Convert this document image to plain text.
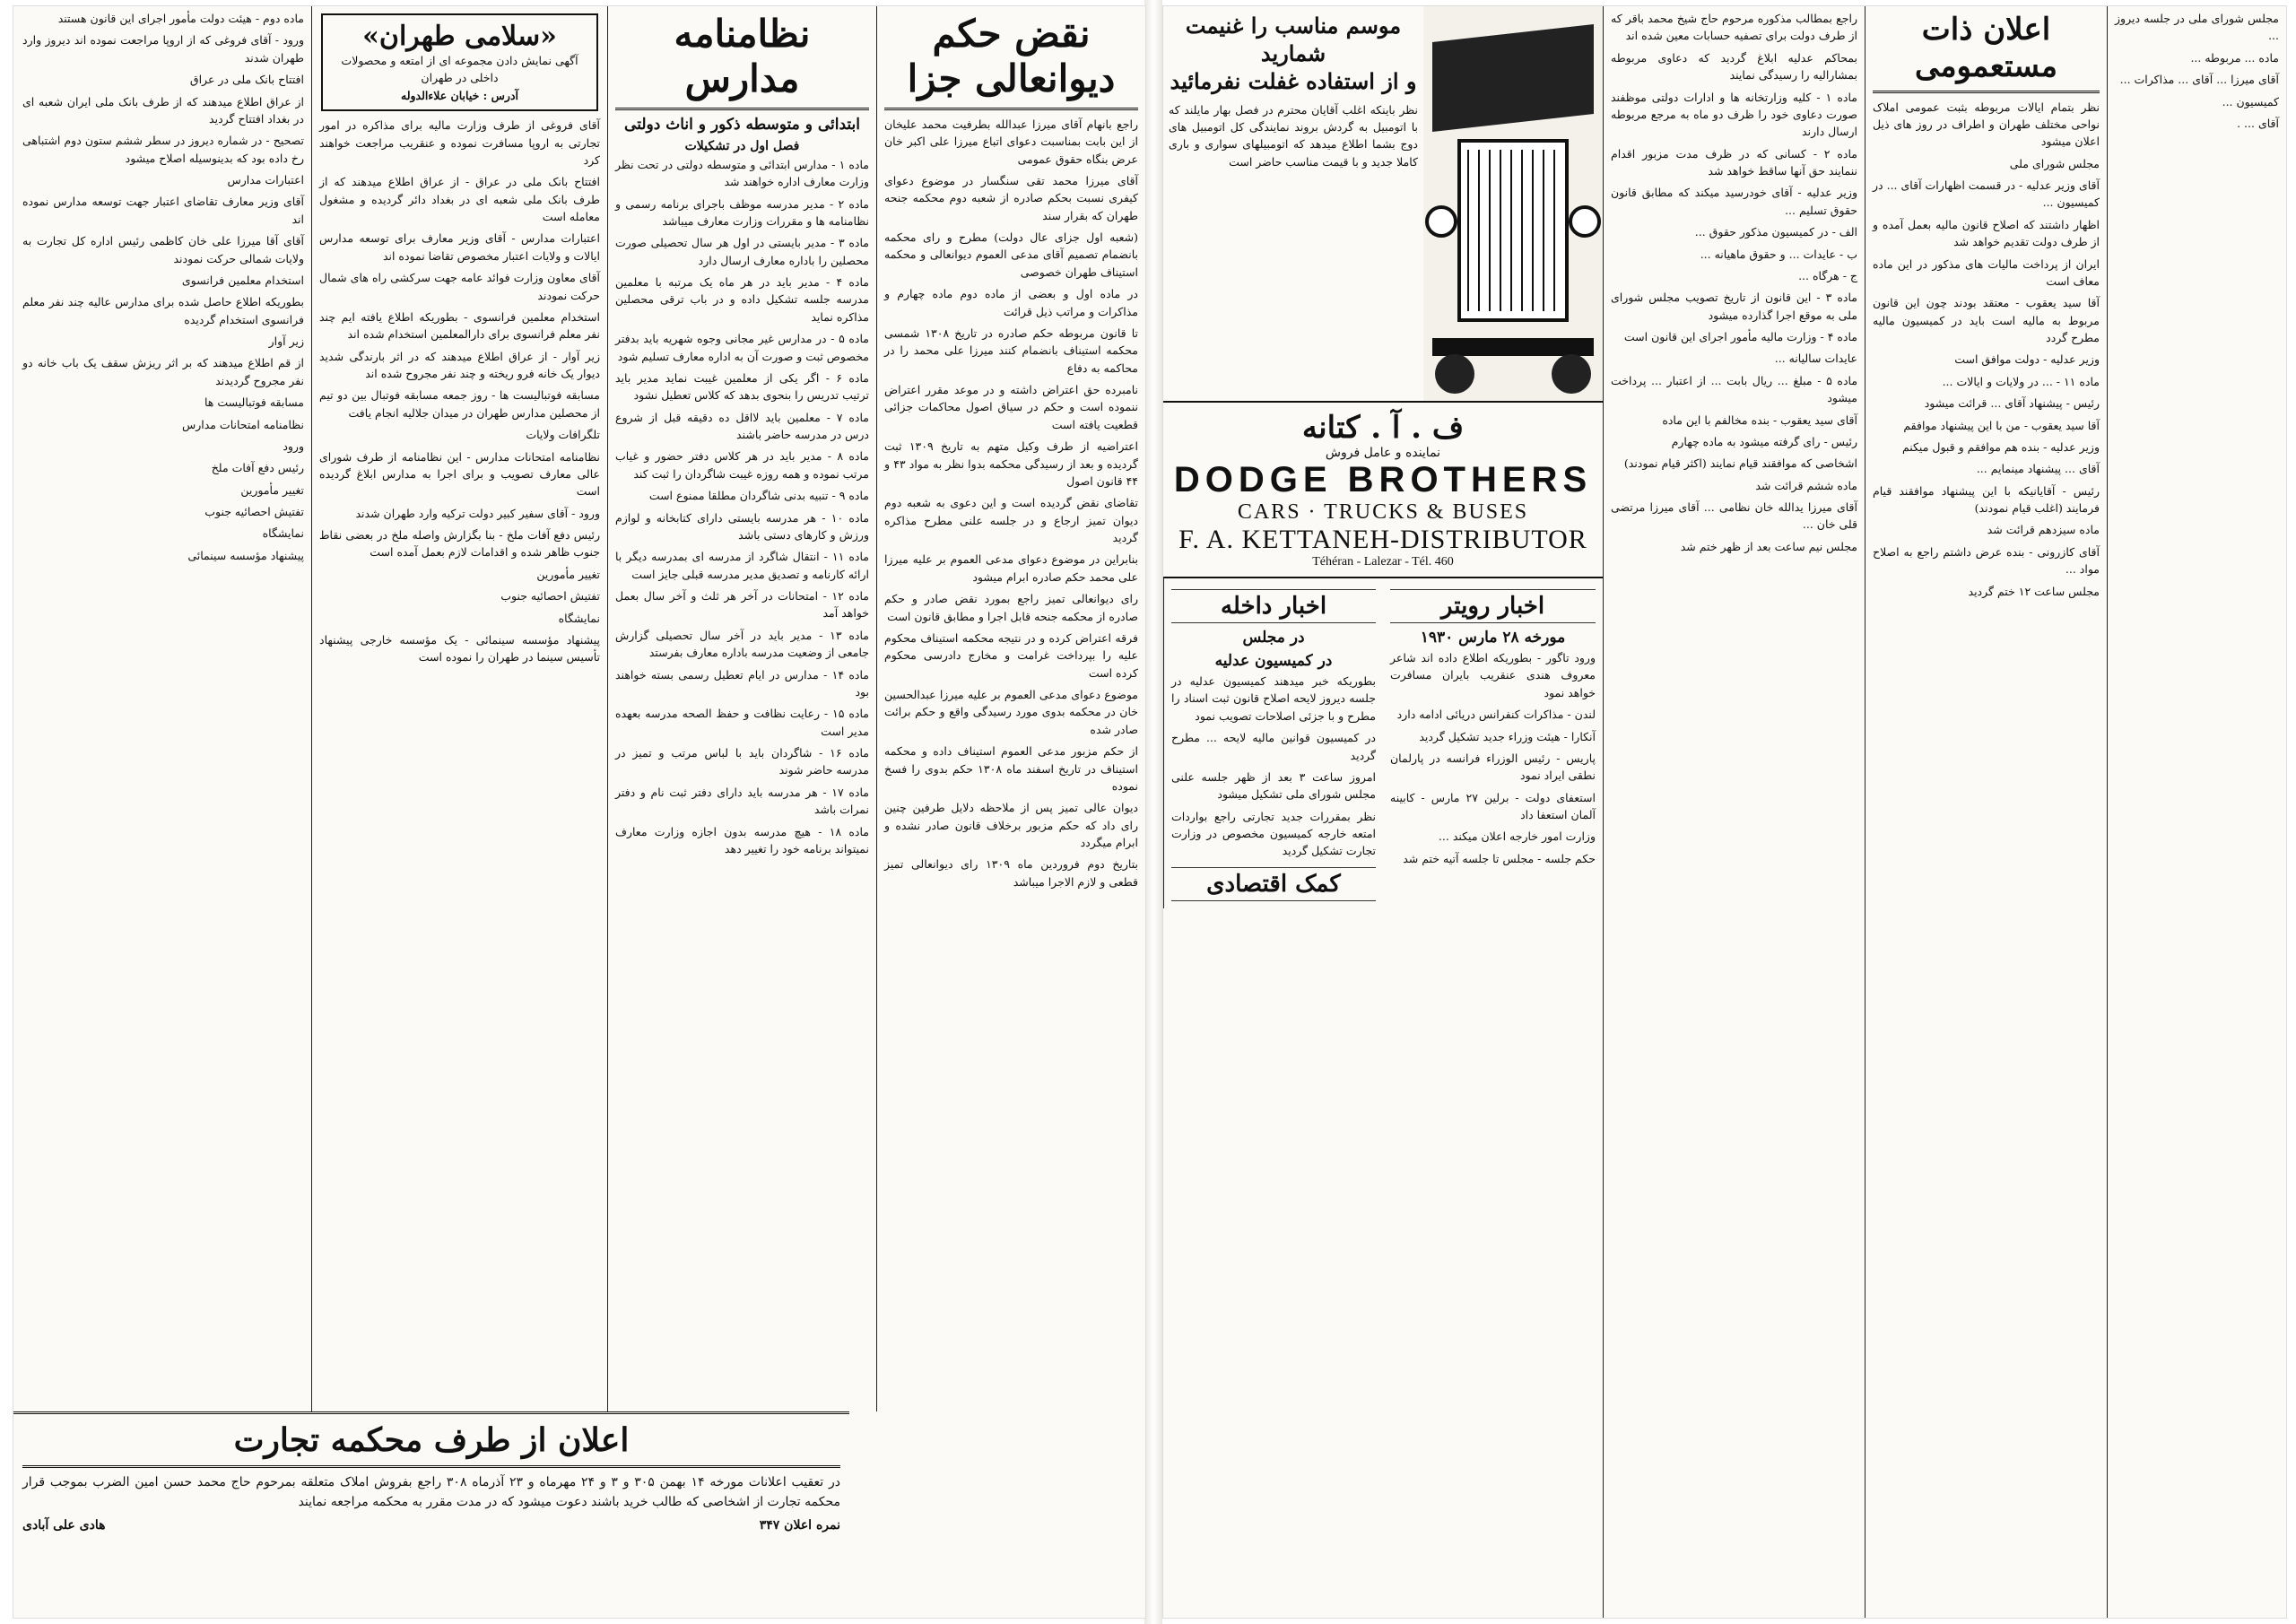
نقض حکم دیوانعالی جزا

راجع بانهام آقای میرزا عبدالله بطرفیت محمد علیخان از این بابت بمناسبت دعوای اتباع میرزا علی اکبر خان عرض بنگاه حقوق عمومی

آقای میرزا محمد تقی سنگسار در موضوع دعوای کیفری نسبت بحکم صادره از شعبه دوم محکمه جنحه طهران که بقرار سند

(شعبه اول جزای عال دولت) مطرح و رای محکمه بانضمام تصمیم آقای مدعی العموم دیوانعالی و محکمه استیناف طهران خصوصی

در ماده اول و بعضی از ماده دوم ماده چهارم و مذاکرات و مراتب ذیل قرائت

تا قانون مربوطه حکم صادره در تاریخ ۱۳۰۸ شمسی محکمه استیناف بانضمام کنند میرزا علی محمد را در محاکمه به دفاع

نامبرده حق اعتراض داشته و در موعد مقرر اعتراض ننموده است و حکم در سیاق اصول محاکمات جزائی قطعیت یافته است

اعتراضیه از طرف وکیل متهم به تاریخ ۱۳۰۹ ثبت گردیده و بعد از رسیدگی محکمه بدوا نظر به مواد ۴۳ و ۴۴ قانون اصول

تقاضای نقض گردیده است و این دعوی به شعبه دوم دیوان تمیز ارجاع و در جلسه علنی مطرح مذاکره گردید

بنابراین در موضوع دعوای مدعی العموم بر علیه میرزا علی محمد حکم صادره ابرام میشود

رای دیوانعالی تمیز راجع بمورد نقض صادر و حکم صادره از محکمه جنحه قابل اجرا و مطابق قانون است

فرقه اعتراض کرده و در نتیجه محکمه استیناف محکوم علیه را بپرداخت غرامت و مخارج دادرسی محکوم کرده است

موضوع دعوای مدعی العموم بر علیه میرزا عبدالحسین خان در محکمه بدوی مورد رسیدگی واقع و حکم برائت صادر شده

از حکم مزبور مدعی العموم استیناف داده و محکمه استیناف در تاریخ اسفند ماه ۱۳۰۸ حکم بدوی را فسخ نموده

دیوان عالی تمیز پس از ملاحظه دلایل طرفین چنین رای داد که حکم مزبور برخلاف قانون صادر نشده و ابرام میگردد

بتاریخ دوم فروردین ماه ۱۳۰۹ رای دیوانعالی تمیز قطعی و لازم الاجرا میباشد

نظامنامه مدارس
ابتدائی و متوسطه ذکور و اناث دولتی
فصل اول در تشکیلات

ماده ۱ - مدارس ابتدائی و متوسطه دولتی در تحت نظر وزارت معارف اداره خواهند شد

ماده ۲ - مدیر مدرسه موظف باجرای برنامه رسمی و نظامنامه ها و مقررات وزارت معارف میباشد

ماده ۳ - مدیر بایستی در اول هر سال تحصیلی صورت محصلین را باداره معارف ارسال دارد

ماده ۴ - مدیر باید در هر ماه یک مرتبه با معلمین مدرسه جلسه تشکیل داده و در باب ترقی محصلین مذاکره نماید

ماده ۵ - در مدارس غیر مجانی وجوه شهریه باید بدفتر مخصوص ثبت و صورت آن به اداره معارف تسلیم شود

ماده ۶ - اگر یکی از معلمین غیبت نماید مدیر باید ترتیب تدریس را بنحوی بدهد که کلاس تعطیل نشود

ماده ۷ - معلمین باید لااقل ده دقیقه قبل از شروع درس در مدرسه حاضر باشند

ماده ۸ - مدیر باید در هر کلاس دفتر حضور و غیاب مرتب نموده و همه روزه غیبت شاگردان را ثبت کند

ماده ۹ - تنبیه بدنی شاگردان مطلقا ممنوع است

ماده ۱۰ - هر مدرسه بایستی دارای کتابخانه و لوازم ورزش و کارهای دستی باشد

ماده ۱۱ - انتقال شاگرد از مدرسه ای بمدرسه دیگر با ارائه کارنامه و تصدیق مدیر مدرسه قبلی جایز است

ماده ۱۲ - امتحانات در آخر هر ثلث و آخر سال بعمل خواهد آمد

ماده ۱۳ - مدیر باید در آخر سال تحصیلی گزارش جامعی از وضعیت مدرسه باداره معارف بفرستد

ماده ۱۴ - مدارس در ایام تعطیل رسمی بسته خواهند بود

ماده ۱۵ - رعایت نظافت و حفظ الصحه مدرسه بعهده مدیر است

ماده ۱۶ - شاگردان باید با لباس مرتب و تمیز در مدرسه حاضر شوند

ماده ۱۷ - هر مدرسه باید دارای دفتر ثبت نام و دفتر نمرات باشد

ماده ۱۸ - هیچ مدرسه بدون اجازه وزارت معارف نمیتواند برنامه خود را تغییر دهد

«سلامی طهران»
آگهی نمایش دادن مجموعه ای از امتعه و محصولات داخلی در طهران
آدرس : خیابان علاءالدوله

آقای فروغی از طرف وزارت مالیه برای مذاکره در امور تجارتی به اروپا مسافرت نموده و عنقریب مراجعت خواهند کرد

افتتاح بانک ملی در عراق - از عراق اطلاع میدهند که از طرف بانک ملی شعبه ای در بغداد دائر گردیده و مشغول معامله است

اعتبارات مدارس - آقای وزیر معارف برای توسعه مدارس ایالات و ولایات اعتبار مخصوص تقاضا نموده اند

آقای معاون وزارت فوائد عامه جهت سرکشی راه های شمال حرکت نمودند

استخدام معلمین فرانسوی - بطوریکه اطلاع یافته ایم چند نفر معلم فرانسوی برای دارالمعلمین استخدام شده اند

زیر آوار - از عراق اطلاع میدهند که در اثر بارندگی شدید دیوار یک خانه فرو ریخته و چند نفر مجروح شده اند

مسابقه فوتبالیست ها - روز جمعه مسابقه فوتبال بین دو تیم از محصلین مدارس طهران در میدان جلالیه انجام یافت

تلگرافات ولایات

نظامنامه امتحانات مدارس - این نظامنامه از طرف شورای عالی معارف تصویب و برای اجرا به مدارس ابلاغ گردیده است

ورود - آقای سفیر کبیر دولت ترکیه وارد طهران شدند

رئیس دفع آفات ملخ - بنا بگزارش واصله ملخ در بعضی نقاط جنوب ظاهر شده و اقدامات لازم بعمل آمده است

تغییر مأمورین

تفتیش احصائیه جنوب

نمایشگاه

پیشنهاد مؤسسه سینمائی - یک مؤسسه خارجی پیشنهاد تأسیس سینما در طهران را نموده است

ماده دوم - هیئت دولت مأمور اجرای این قانون هستند

ورود - آقای فروغی که از اروپا مراجعت نموده اند دیروز وارد طهران شدند

افتتاح بانک ملی در عراق

از عراق اطلاع میدهند که از طرف بانک ملی ایران شعبه ای در بغداد افتتاح گردید

تصحیح - در شماره دیروز در سطر ششم ستون دوم اشتباهی رخ داده بود که بدینوسیله اصلاح میشود

اعتبارات مدارس

آقای وزیر معارف تقاضای اعتبار جهت توسعه مدارس نموده اند

آقای آقا میرزا علی خان کاظمی رئیس اداره کل تجارت به ولایات شمالی حرکت نمودند

استخدام معلمین فرانسوی

بطوریکه اطلاع حاصل شده برای مدارس عالیه چند نفر معلم فرانسوی استخدام گردیده

زیر آوار

از قم اطلاع میدهند که بر اثر ریزش سقف یک باب خانه دو نفر مجروح گردیدند

مسابقه فوتبالیست ها

نظامنامه امتحانات مدارس

ورود

رئیس دفع آفات ملخ

تغییر مأمورین

تفتیش احصائیه جنوب

نمایشگاه

پیشنهاد مؤسسه سینمائی

اعلان از طرف محکمه تجارت
در تعقیب اعلانات مورخه ۱۴ بهمن ۳۰۵ و ۳ و ۲۴ مهرماه و ۲۳ آذرماه ۳۰۸ راجع بفروش املاک متعلقه بمرحوم حاج محمد حسن امین الضرب بموجب قرار محکمه تجارت از اشخاصی که طالب خرید باشند دعوت میشود که در مدت مقرر به محکمه مراجعه نمایند
نمره اعلان ۳۴۷
هادی علی آبادی

مجلس شورای ملی در جلسه دیروز ...

ماده ... مربوطه ...

آقای میرزا ... آقای ... مذاکرات ...

کمیسیون ...

آقای ... .

اعلان ذات مستعمومی

نظر بتمام ایالات مربوطه بثبت عمومی املاک نواحی مختلف طهران و اطراف در روز های ذیل اعلان میشود

مجلس شورای ملی

آقای وزیر عدلیه - در قسمت اظهارات آقای ... در کمیسیون ...

اظهار داشتند که اصلاح قانون مالیه بعمل آمده و از طرف دولت تقدیم خواهد شد

ایران از پرداخت مالیات های مذکور در این ماده معاف است

آقا سید یعقوب - معتقد بودند چون این قانون مربوط به مالیه است باید در کمیسیون مالیه مطرح گردد

وزیر عدلیه - دولت موافق است

ماده ۱۱ - ... در ولایات و ایالات ...

رئیس - پیشنهاد آقای ... قرائت میشود

آقا سید یعقوب - من با این پیشنهاد موافقم

وزیر عدلیه - بنده هم موافقم و قبول میکنم

آقای ... پیشنهاد مینمایم ...

رئیس - آقایانیکه با این پیشنهاد موافقند قیام فرمایند (اغلب قیام نمودند)

ماده سیزدهم قرائت شد

آقای کازرونی - بنده عرض داشتم راجع به اصلاح مواد ...

مجلس ساعت ۱۲ ختم گردید

راجع بمطالب مذکوره مرحوم حاج شیخ محمد باقر که از طرف دولت برای تصفیه حسابات معین شده اند

بمحاکم عدلیه ابلاغ گردید که دعاوی مربوطه بمشارالیه را رسیدگی نمایند

ماده ۱ - کلیه وزارتخانه ها و ادارات دولتی موظفند صورت دعاوی خود را ظرف دو ماه به مرجع مربوطه ارسال دارند

ماده ۲ - کسانی که در ظرف مدت مزبور اقدام ننمایند حق آنها ساقط خواهد شد

وزیر عدلیه - آقای خودرسید میکند که مطابق قانون حقوق تسلیم ...

الف - در کمیسیون مذکور حقوق ...

ب - عایدات ... و حقوق ماهیانه ...

ج - هرگاه ...

ماده ۳ - این قانون از تاریخ تصویب مجلس شورای ملی به موقع اجرا گذارده میشود

ماده ۴ - وزارت مالیه مأمور اجرای این قانون است

عایدات سالیانه ...

ماده ۵ - مبلغ ... ریال بابت ... از اعتبار ... پرداخت میشود

آقای سید یعقوب - بنده مخالفم با این ماده

رئیس - رای گرفته میشود به ماده چهارم

اشخاصی که موافقند قیام نمایند (اکثر قیام نمودند)

ماده ششم قرائت شد

آقای میرزا یدالله خان نظامی ... آقای میرزا مرتضی قلی خان ...

مجلس نیم ساعت بعد از ظهر ختم شد

موسم مناسب را غنیمت شمارید
و از استفاده غفلت نفرمائید
نظر باینکه اغلب آقایان محترم در فصل بهار مایلند که با اتومبیل به گردش بروند نمایندگی کل اتومبیل های دوج بشما اطلاع میدهد که اتومبیلهای سواری و باری کاملا جدید و با قیمت مناسب حاضر است
ف . آ . کتانه
نماینده و عامل فروش
DODGE BROTHERS
CARS · TRUCKS & BUSES
F. A. KETTANEH-DISTRIBUTOR
Téhéran - Lalezar - Tél. 460
اخبار داخله
در مجلس
در کمیسیون عدلیه

بطوریکه خبر میدهند کمیسیون عدلیه در جلسه دیروز لایحه اصلاح قانون ثبت اسناد را مطرح و با جزئی اصلاحات تصویب نمود

در کمیسیون قوانین مالیه لایحه ... مطرح گردید

امروز ساعت ۳ بعد از ظهر جلسه علنی مجلس شورای ملی تشکیل میشود

نظر بمقررات جدید تجارتی راجع بواردات امتعه خارجه کمیسیون مخصوص در وزارت تجارت تشکیل گردید

کمک اقتصادی
اخبار رویتر
مورخه ۲۸ مارس ۱۹۳۰

ورود تاگور - بطوریکه اطلاع داده اند شاعر معروف هندی عنقریب بایران مسافرت خواهد نمود

لندن - مذاکرات کنفرانس دریائی ادامه دارد

آنکارا - هیئت وزراء جدید تشکیل گردید

پاریس - رئیس الوزراء فرانسه در پارلمان نطقی ایراد نمود

استعفای دولت - برلین ۲۷ مارس - کابینه آلمان استعفا داد

وزارت امور خارجه اعلان میکند ...

حکم جلسه - مجلس تا جلسه آتیه ختم شد
